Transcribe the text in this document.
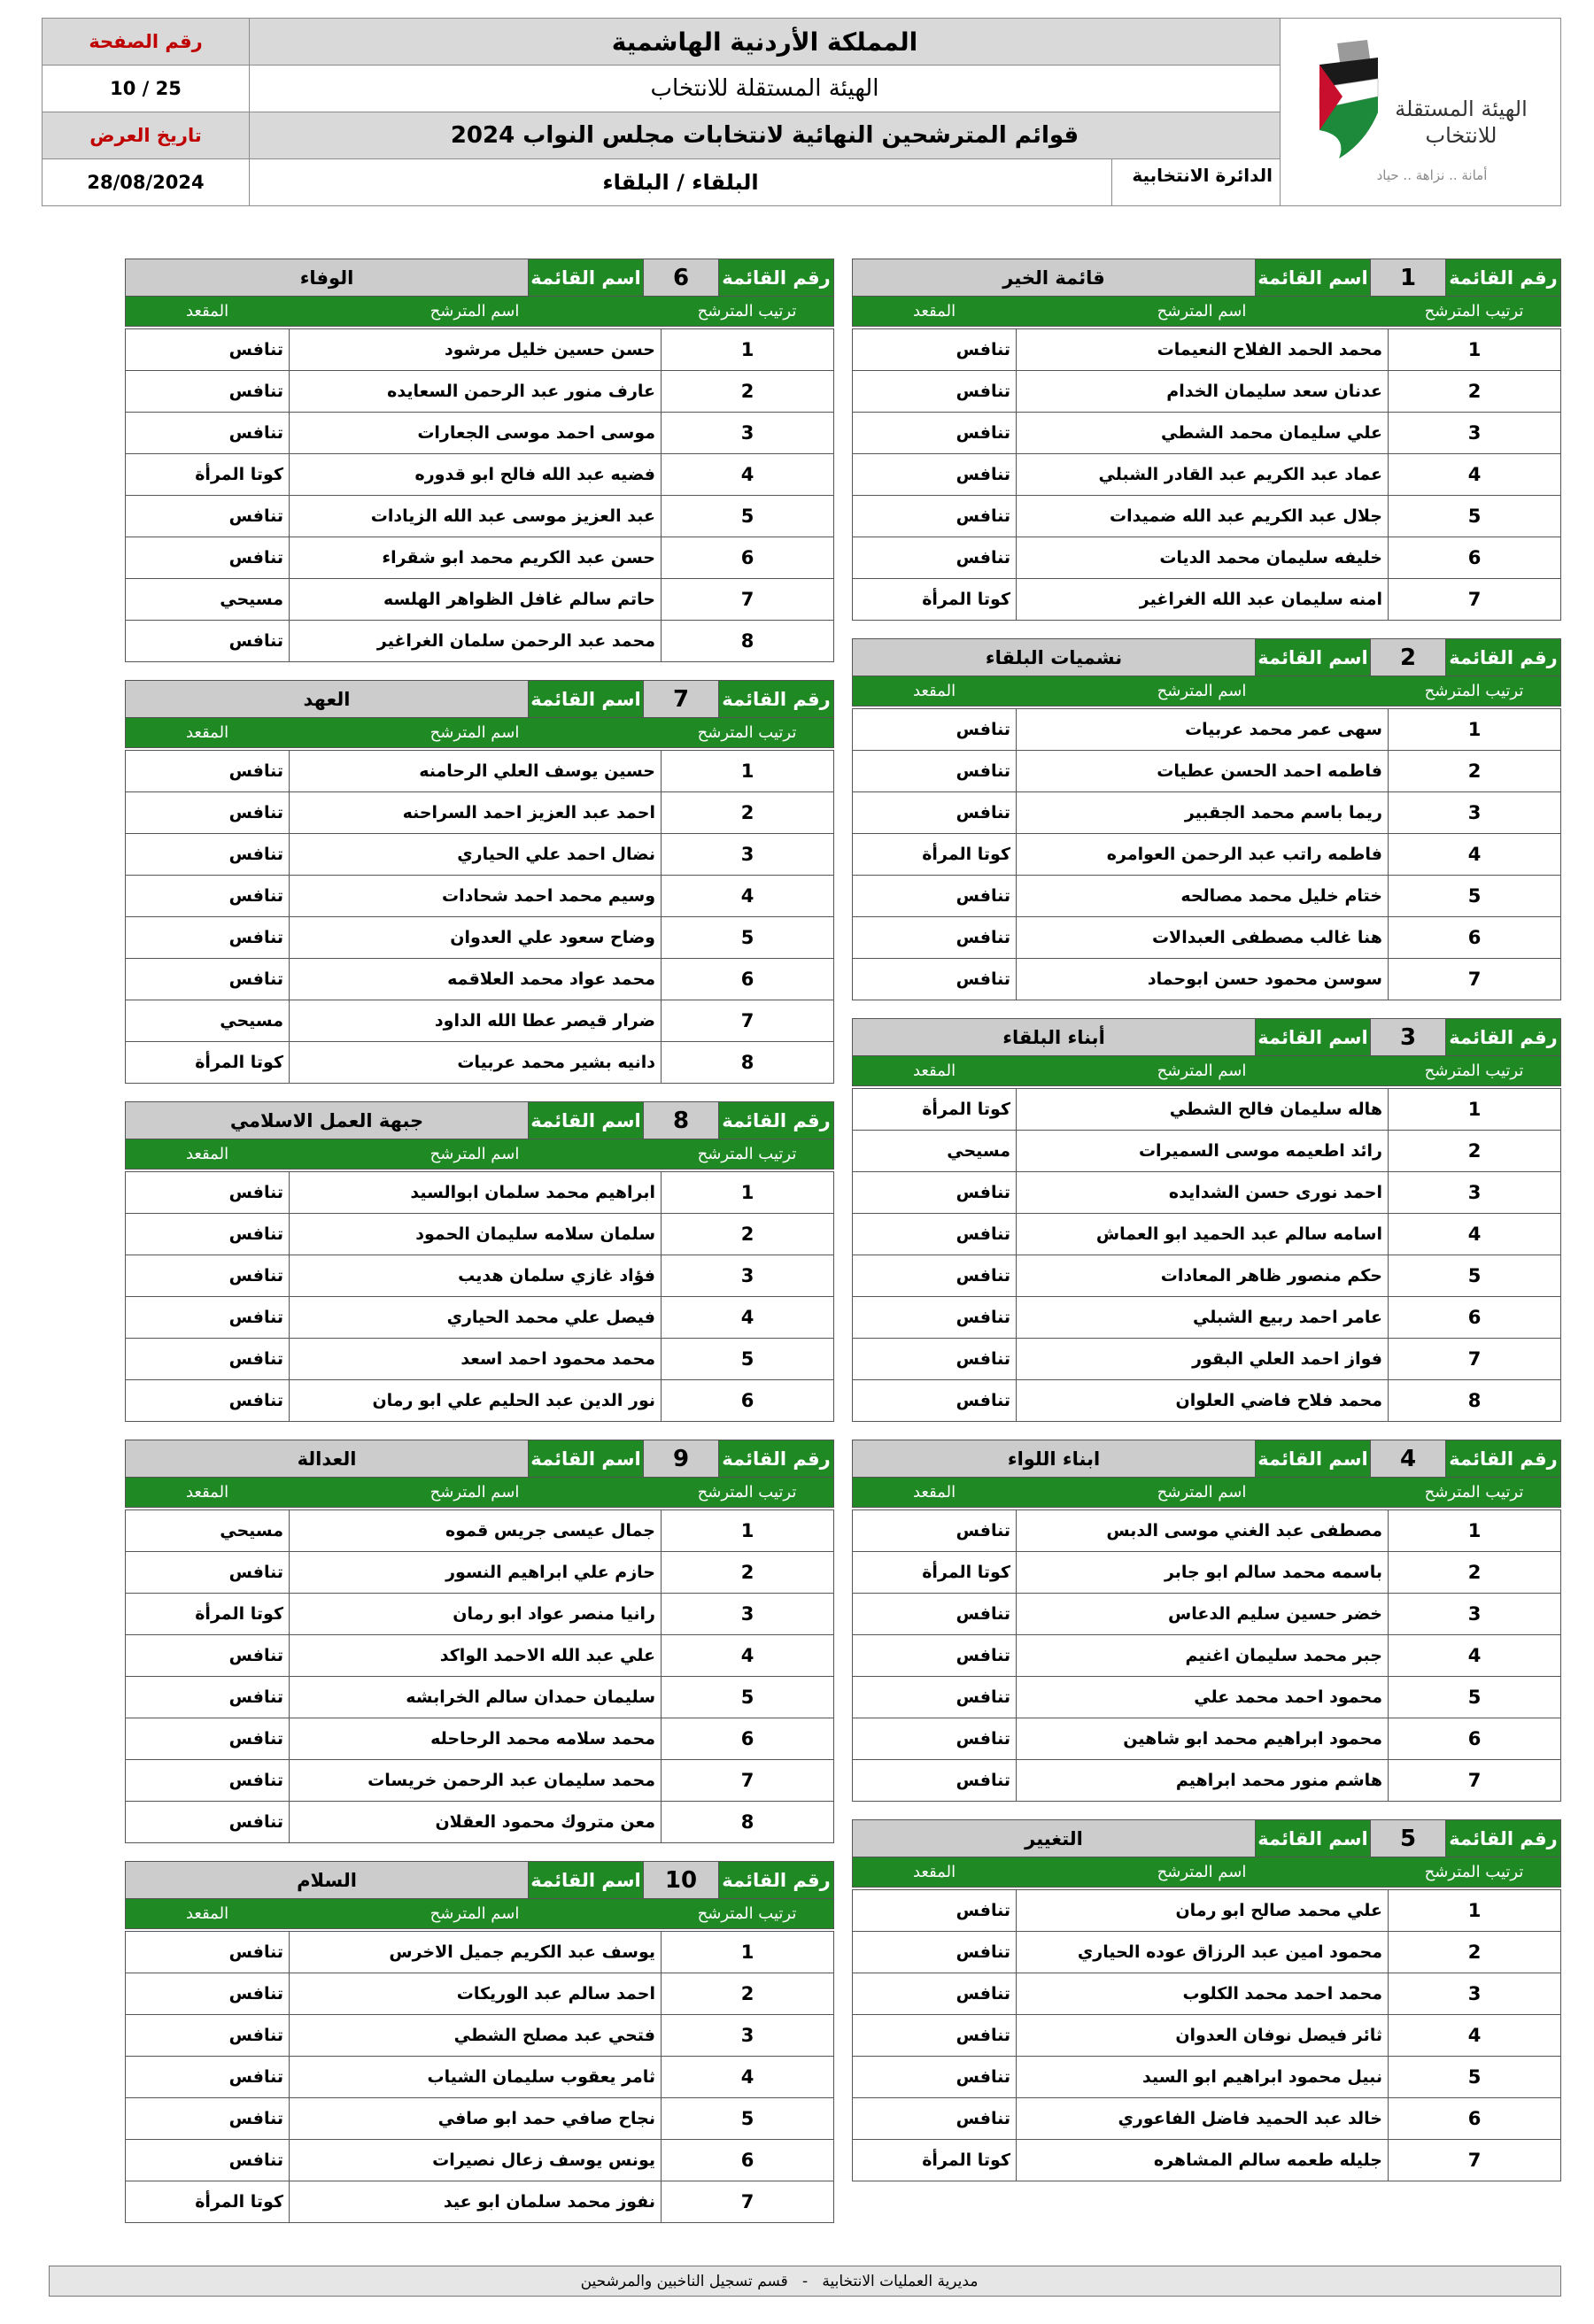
الهيئة المستقلة
للانتخاب
أمانة .. نزاهة .. حياد
المملكة الأردنية الهاشمية
رقم الصفحة
الهيئة المستقلة للانتخاب
10 / 25
قوائم المترشحين النهائية لانتخابات مجلس النواب 2024
تاريخ العرض
الدائرة الانتخابية
البلقاء / البلقاء
28/08/2024
رقم القائمة
1
اسم القائمة
قائمة الخير
ترتيب المترشح
اسم المترشح
المقعد
1
محمد الحمد الفلاح النعيمات
تنافس
2
عدنان سعد سليمان الخدام
تنافس
3
علي سليمان محمد الشطي
تنافس
4
عماد عبد الكريم عبد القادر الشبلي
تنافس
5
جلال عبد الكريم عبد الله ضميدات
تنافس
6
خليفه سليمان محمد الديات
تنافس
7
امنه سليمان عبد الله الغراغير
كوتا المرأة
رقم القائمة
2
اسم القائمة
نشميات البلقاء
ترتيب المترشح
اسم المترشح
المقعد
1
سهى عمر محمد عربيات
تنافس
2
فاطمه احمد الحسن عطيات
تنافس
3
ريما باسم محمد الجقبير
تنافس
4
فاطمه راتب عبد الرحمن العوامره
كوتا المرأة
5
ختام خليل محمد مصالحه
تنافس
6
هنا غالب مصطفى العبدالات
تنافس
7
سوسن محمود حسن ابوحماد
تنافس
رقم القائمة
3
اسم القائمة
أبناء البلقاء
ترتيب المترشح
اسم المترشح
المقعد
1
هاله سليمان فالح الشطي
كوتا المرأة
2
رائد اطعيمه موسى السميرات
مسيحي
3
احمد نورى حسن الشدايده
تنافس
4
اسامه سالم عبد الحميد ابو العماش
تنافس
5
حكم منصور ظاهر المعادات
تنافس
6
عامر احمد ربيع الشبلي
تنافس
7
فواز احمد العلي البقور
تنافس
8
محمد فلاح فاضي العلوان
تنافس
رقم القائمة
4
اسم القائمة
ابناء اللواء
ترتيب المترشح
اسم المترشح
المقعد
1
مصطفى عبد الغني موسى الدبس
تنافس
2
باسمه محمد سالم ابو جابر
كوتا المرأة
3
خضر حسين سليم الدعاس
تنافس
4
جبر محمد سليمان اغنيم
تنافس
5
محمود احمد محمد علي
تنافس
6
محمود ابراهيم محمد ابو شاهين
تنافس
7
هاشم منور محمد ابراهيم
تنافس
رقم القائمة
5
اسم القائمة
التغيير
ترتيب المترشح
اسم المترشح
المقعد
1
علي محمد صالح ابو رمان
تنافس
2
محمود امين عبد الرزاق عوده الحياري
تنافس
3
محمد احمد محمد الكلوب
تنافس
4
ثائر فيصل نوفان العدوان
تنافس
5
نبيل محمود ابراهيم ابو السيد
تنافس
6
خالد عبد الحميد فاضل الفاعوري
تنافس
7
جليله طعمه سالم المشاهره
كوتا المرأة
رقم القائمة
6
اسم القائمة
الوفاء
ترتيب المترشح
اسم المترشح
المقعد
1
حسن حسين خليل مرشود
تنافس
2
عارف منور عبد الرحمن السعايده
تنافس
3
موسى احمد موسى الجعارات
تنافس
4
فضيه عبد الله فالح ابو قدوره
كوتا المرأة
5
عبد العزيز موسى عبد الله الزيادات
تنافس
6
حسن عبد الكريم محمد ابو شقراء
تنافس
7
حاتم سالم غافل الظواهر الهلسه
مسيحي
8
محمد عبد الرحمن سلمان الغراغير
تنافس
رقم القائمة
7
اسم القائمة
العهد
ترتيب المترشح
اسم المترشح
المقعد
1
حسين يوسف العلي الرحامنه
تنافس
2
احمد عبد العزيز احمد السراحنه
تنافس
3
نضال احمد علي الحياري
تنافس
4
وسيم محمد احمد شحادات
تنافس
5
وضاح سعود علي العدوان
تنافس
6
محمد عواد محمد العلاقمه
تنافس
7
ضرار قيصر عطا الله الداود
مسيحي
8
دانيه بشير محمد عربيات
كوتا المرأة
رقم القائمة
8
اسم القائمة
جبهة العمل الاسلامي
ترتيب المترشح
اسم المترشح
المقعد
1
ابراهيم محمد سلمان ابوالسيد
تنافس
2
سلمان سلامه سليمان الحمود
تنافس
3
فؤاد غازي سلمان هديب
تنافس
4
فيصل علي محمد الحياري
تنافس
5
محمد محمود احمد اسعد
تنافس
6
نور الدين عبد الحليم علي ابو رمان
تنافس
رقم القائمة
9
اسم القائمة
العدالة
ترتيب المترشح
اسم المترشح
المقعد
1
جمال عيسى جريس قموه
مسيحي
2
حازم علي ابراهيم النسور
تنافس
3
رانيا منصر عواد ابو رمان
كوتا المرأة
4
علي عبد الله الاحمد الواكد
تنافس
5
سليمان حمدان سالم الخرابشه
تنافس
6
محمد سلامه محمد الرحاحله
تنافس
7
محمد سليمان عبد الرحمن خريسات
تنافس
8
معن متروك محمود العقلان
تنافس
رقم القائمة
10
اسم القائمة
السلام
ترتيب المترشح
اسم المترشح
المقعد
1
يوسف عبد الكريم جميل الاخرس
تنافس
2
احمد سالم عبد الوريكات
تنافس
3
فتحي عبد مصلح الشطي
تنافس
4
ثامر يعقوب سليمان الشياب
تنافس
5
نجاح صافي حمد ابو صافي
تنافس
6
يونس يوسف زعال نصيرات
تنافس
7
نفوز محمد سلمان ابو عيد
كوتا المرأة
مديرية العمليات الانتخابية   -   قسم تسجيل الناخبين والمرشحين
